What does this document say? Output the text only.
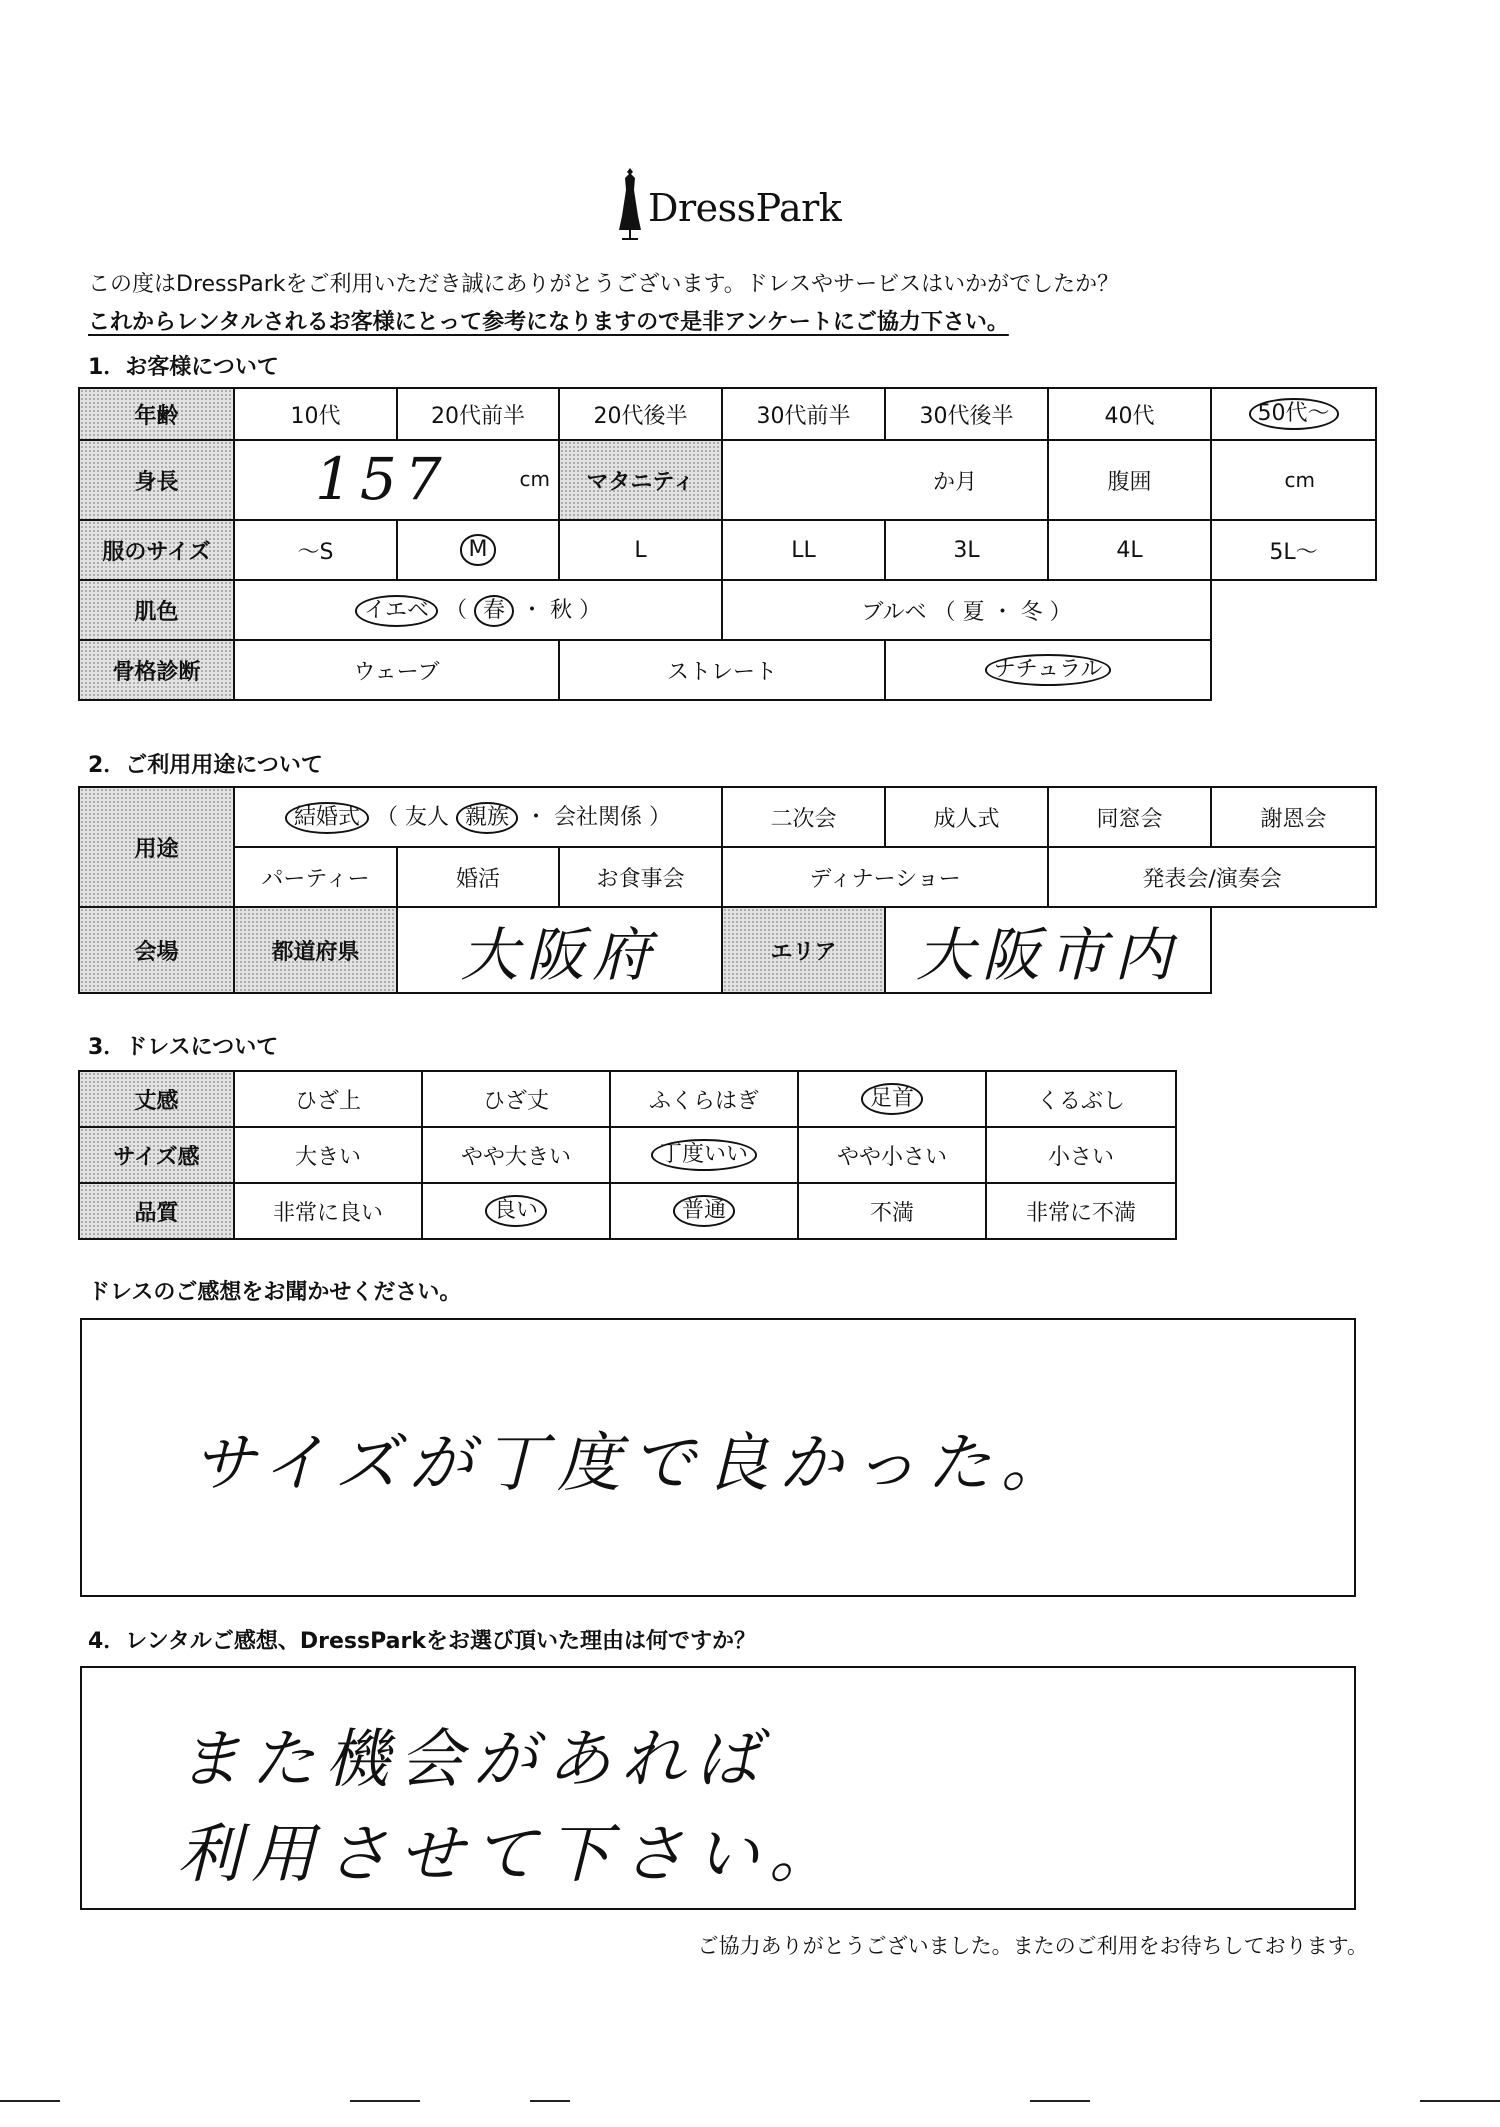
DressPark
この度はDressParkをご利用いただき誠にありがとうございます。ドレスやサービスはいかがでしたか？
これからレンタルされるお客様にとって参考になりますので是非アンケートにご協力下さい。
1．お客様について
年齢	10代	20代前半	20代後半	30代前半	30代後半	40代	50代〜
身長	157 cm		マタニティ	か月		腹囲	cm
服のサイズ	〜S	M	L	LL	3L	4L	5L〜
肌色	イエベ （ 春 ・ 秋 ）			ブルベ （ 夏 ・ 冬 ）			
骨格診断	ウェーブ		ストレート		ナチュラル		
2．ご利用用途について
用途	結婚式 （ 友人 親族 ・ 会社関係 ）			二次会	成人式	同窓会	謝恩会
	パーティー	婚活	お食事会	ディナーショー		発表会/演奏会	
会場	都道府県	大阪府		エリア	大阪市内		
3．ドレスについて
丈感	ひざ上	ひざ丈	ふくらはぎ	足首	くるぶし
サイズ感	大きい	やや大きい	丁度いい	やや小さい	小さい
品質	非常に良い	良い	普通	不満	非常に不満
ドレスのご感想をお聞かせください。
サイズが丁度で良かった。
4．レンタルご感想、DressParkをお選び頂いた理由は何ですか？
また機会があれば
利用させて下さい。
ご協力ありがとうございました。またのご利用をお待ちしております。
